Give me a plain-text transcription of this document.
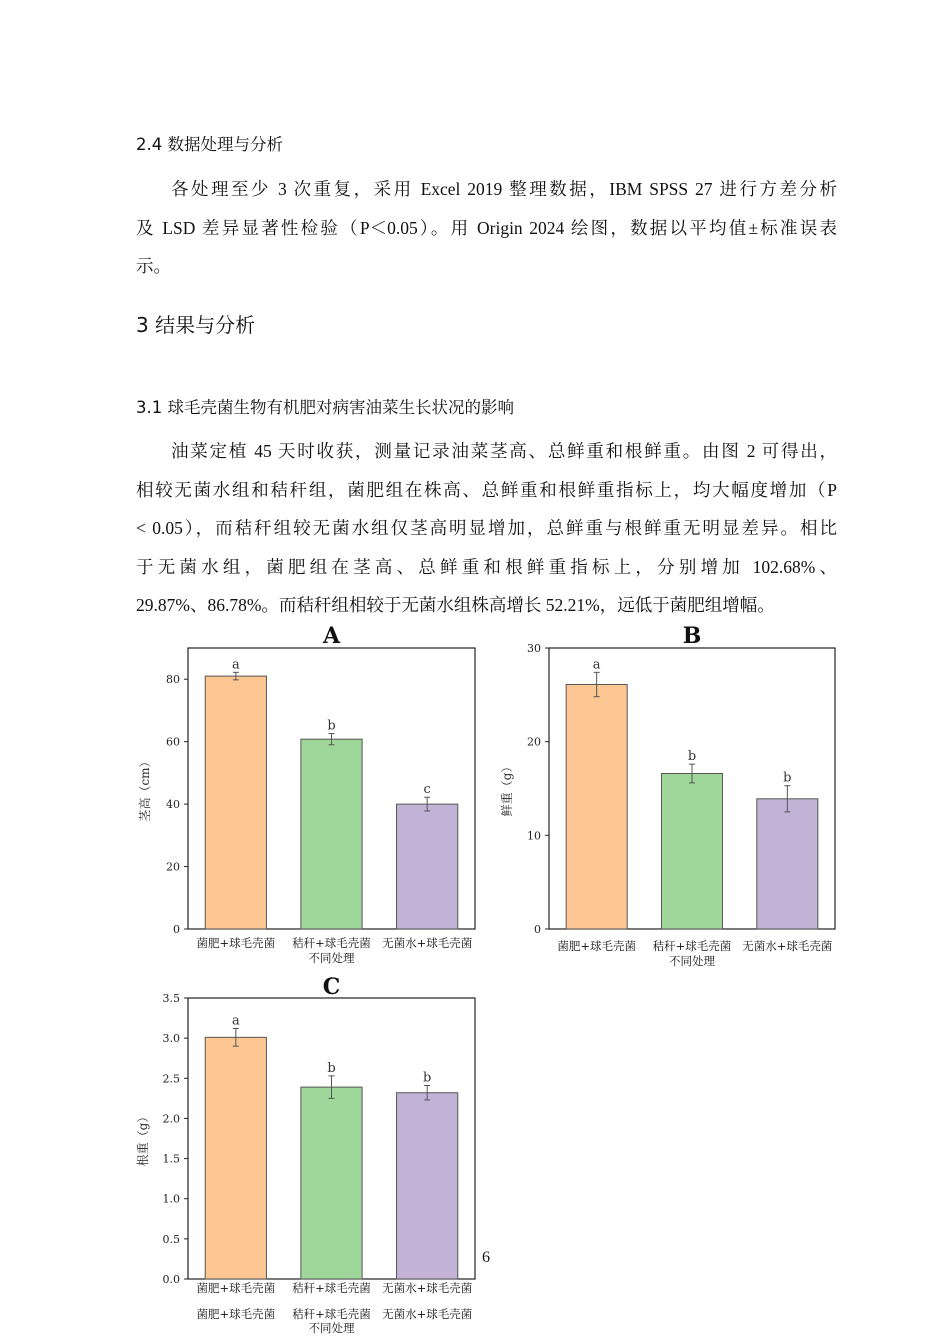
2.4 数据处理与分析
各处理至少 3 次重复，采用 Excel 2019 整理数据，IBM SPSS 27 进行方差分析
及 LSD 差异显著性检验（P＜0.05）。用 Origin 2024 绘图，数据以平均值±标准误表
示。
3 结果与分析
3.1 球毛壳菌生物有机肥对病害油菜生长状况的影响
油菜定植 45 天时收获，测量记录油菜茎高、总鲜重和根鲜重。由图 2 可得出，
相较无菌水组和秸秆组，菌肥组在株高、总鲜重和根鲜重指标上，均大幅度增加（P
< 0.05），而秸秆组较无菌水组仅茎高明显增加，总鲜重与根鲜重无明显差异。相比
于无菌水组，菌肥组在茎高、总鲜重和根鲜重指标上，分别增加 102.68%、
29.87%、86.78%。而秸秆组相较于无菌水组株高增长 52.21%，远低于菌肥组增幅。
A
0
20
40
60
80
茎高（cm）
a
菌肥+球毛壳菌
b
秸秆+球毛壳菌
c
无菌水+球毛壳菌
不同处理
B
0
10
20
30
鲜重（g）
a
菌肥+球毛壳菌
b
秸秆+球毛壳菌
b
无菌水+球毛壳菌
不同处理
C
0.0
0.5
1.0
1.5
2.0
2.5
3.0
3.5
根重（g）
a
菌肥+球毛壳菌
菌肥+球毛壳菌
b
秸秆+球毛壳菌
秸秆+球毛壳菌
b
无菌水+球毛壳菌
无菌水+球毛壳菌
不同处理
6
